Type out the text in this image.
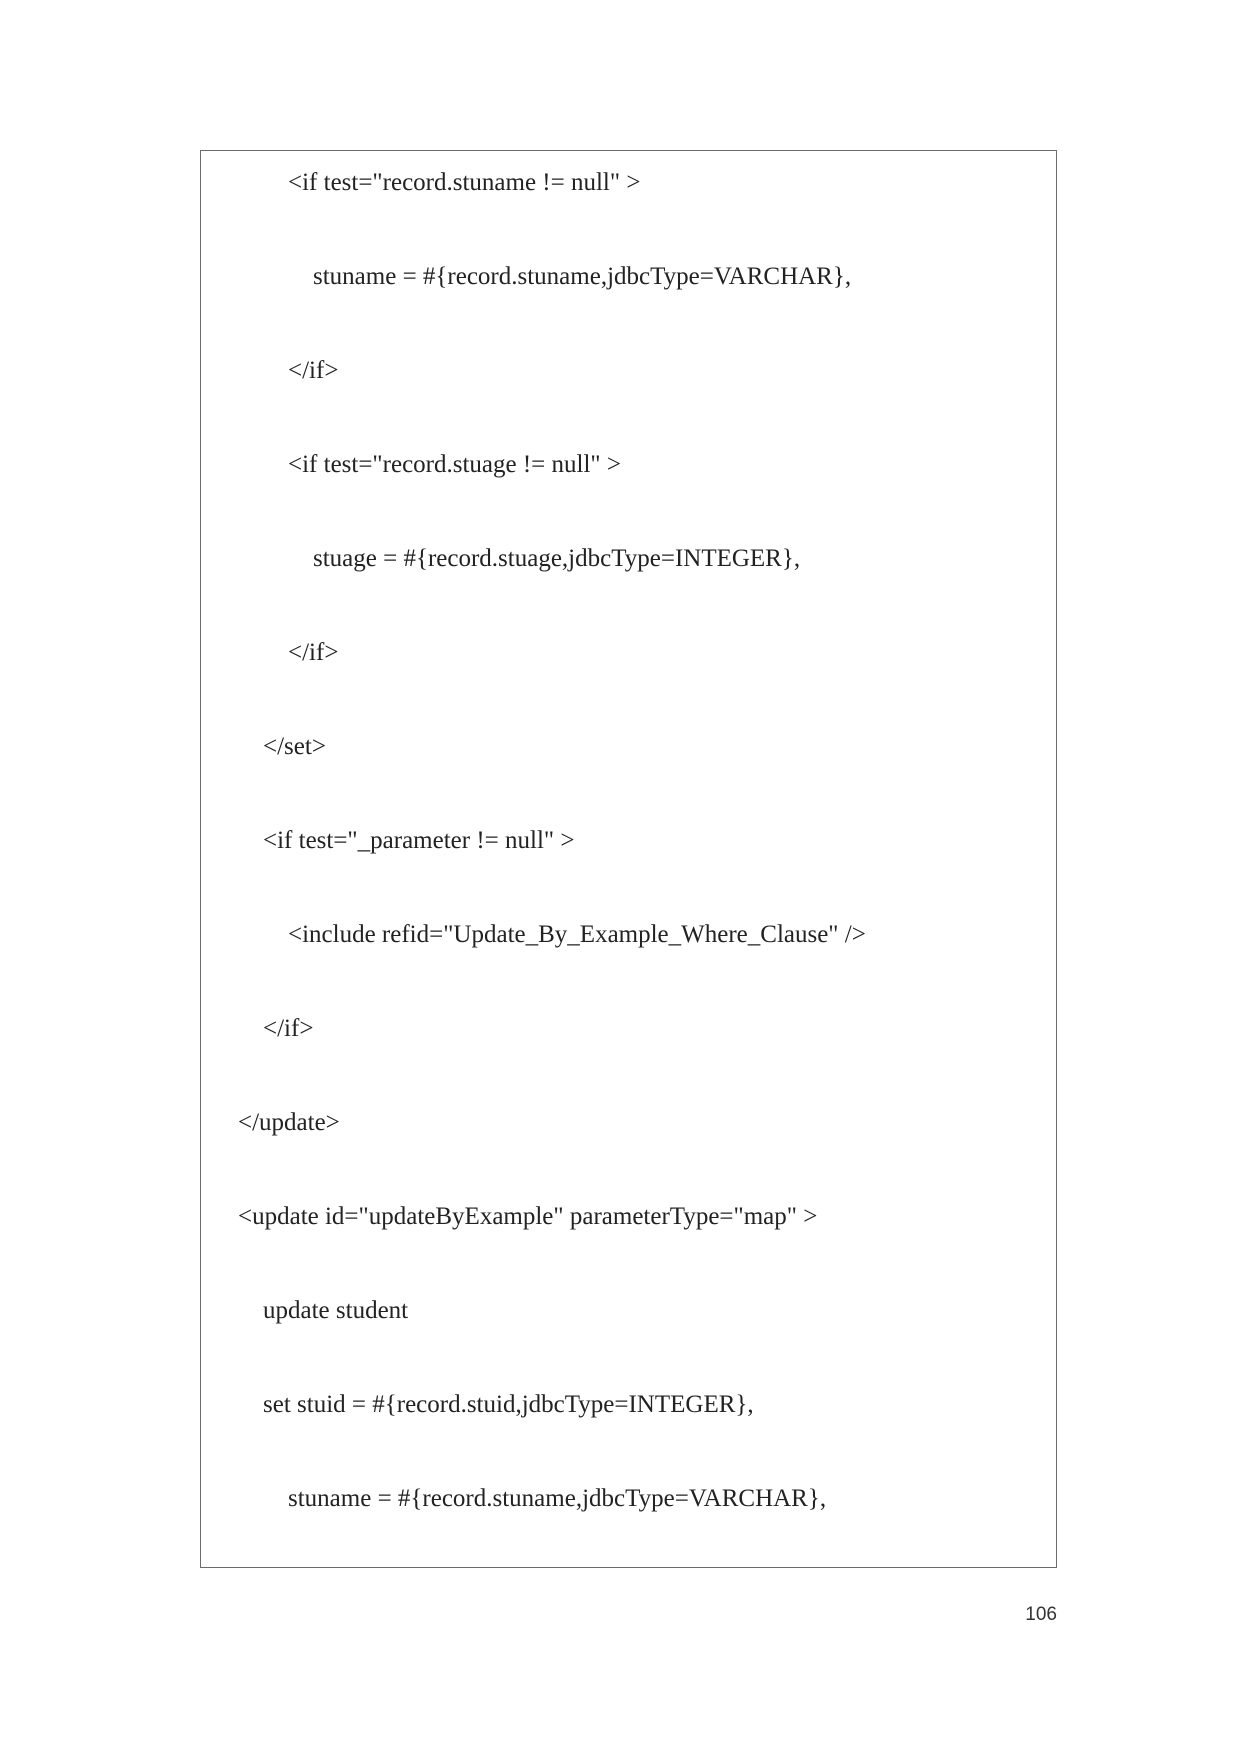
<if test="record.stuname != null" >
stuname = #{record.stuname,jdbcType=VARCHAR},
</if>
<if test="record.stuage != null" >
stuage = #{record.stuage,jdbcType=INTEGER},
</if>
</set>
<if test="_parameter != null" >
<include refid="Update_By_Example_Where_Clause" />
</if>
</update>
<update id="updateByExample" parameterType="map" >
update student
set stuid = #{record.stuid,jdbcType=INTEGER},
stuname = #{record.stuname,jdbcType=VARCHAR},
106
